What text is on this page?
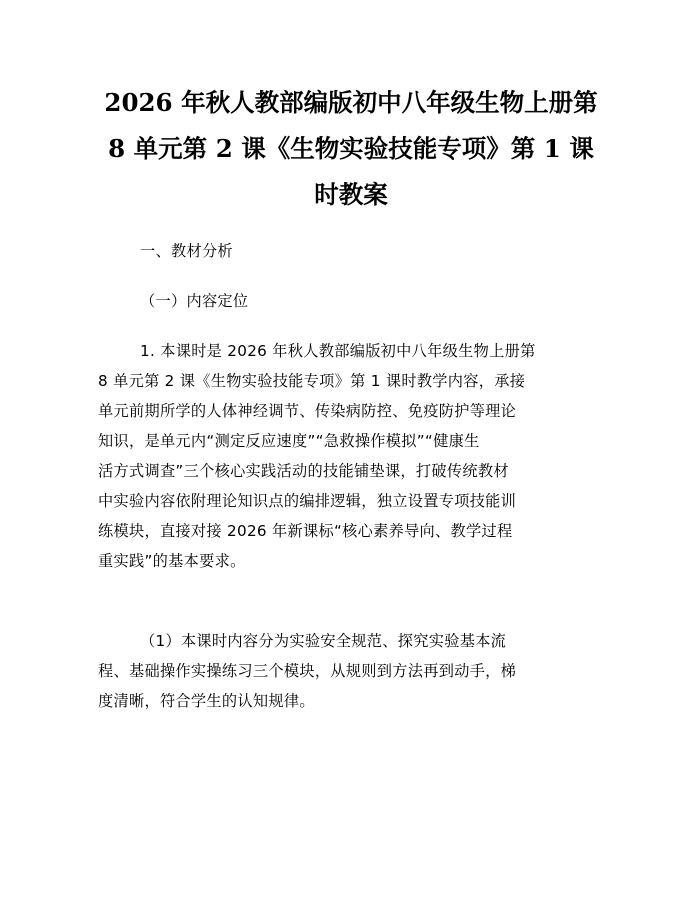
2026 年秋人教部编版初中八年级生物上册第
8 单元第 2 课《生物实验技能专项》第 1 课
时教案

一、教材分析

（一）内容定位

1. 本课时是 2026 年秋人教部编版初中八年级生物上册第
8 单元第 2 课《生物实验技能专项》第 1 课时教学内容，承接
单元前期所学的人体神经调节、传染病防控、免疫防护等理论
知识，是单元内“测定反应速度”“急救操作模拟”“健康生
活方式调查”三个核心实践活动的技能铺垫课，打破传统教材
中实验内容依附理论知识点的编排逻辑，独立设置专项技能训
练模块，直接对接 2026 年新课标“核心素养导向、教学过程
重实践”的基本要求。

（1）本课时内容分为实验安全规范、探究实验基本流
程、基础操作实操练习三个模块，从规则到方法再到动手，梯
度清晰，符合学生的认知规律。
